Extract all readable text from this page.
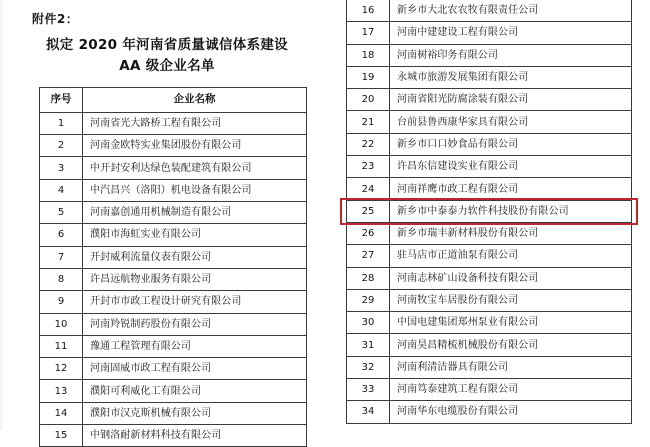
附件2：
拟定 2020 年河南省质量诚信体系建设
AA 级企业名单
序号	企业名称
1	河南省光大路桥工程有限公司
2	河南金欧特实业集团股份有限公司
3	中开封安利达绿色装配建筑有限公司
4	中汽昌兴（洛阳）机电设备有限公司
5	河南嘉创通用机械制造有限公司
6	濮阳市海虹实业有限公司
7	开封威利流量仪表有限公司
8	许昌远航物业服务有限公司
9	开封市市政工程设计研究有限公司
10	河南羚锐制药股份有限公司
11	豫通工程管理有限公司
12	河南固威市政工程有限公司
13	濮阳可利威化工有限公司
14	濮阳市汉克斯机械有限公司
15	中钢洛耐新材料科技有限公司
16	新乡市大北农农牧有限责任公司
17	河南中建建设工程有限公司
18	河南树裕印务有限公司
19	永城市旅游发展集团有限公司
20	河南省阳光防腐涂装有限公司
21	台前县鲁西康华家具有限公司
22	新乡市口口妙食品有限公司
23	许昌东信建设实业有限公司
24	河南祥鹰市政工程有限公司
25	新乡市中泰泰力软件科技股份有限公司
26	新乡市瑞丰新材料股份有限公司
27	驻马店市正道油泵有限公司
28	河南志林矿山设备科技有限公司
29	河南牧宝车居股份有限公司
30	中国电建集团郑州泵业有限公司
31	河南昊昌精梳机械股份有限公司
32	河南利清洁器具有限公司
33	河南笃泰建筑工程有限公司
34	河南华东电缆股份有限公司
